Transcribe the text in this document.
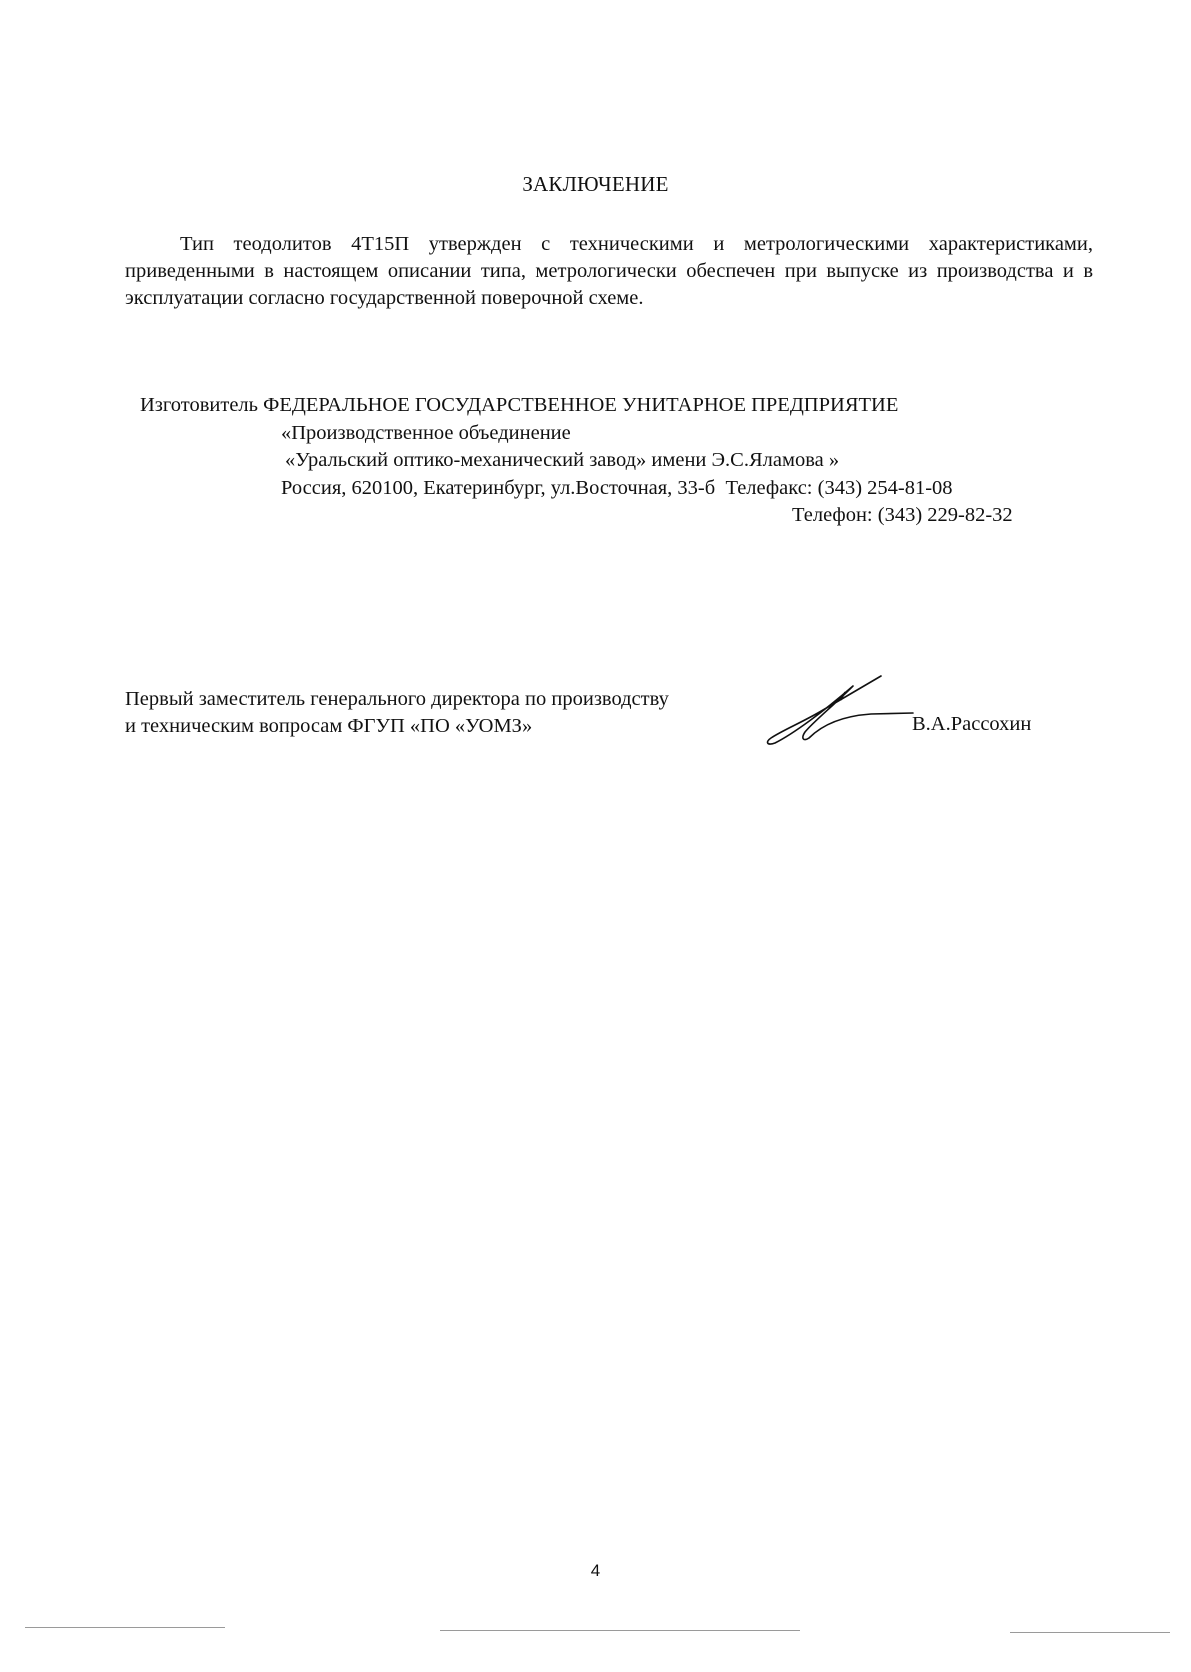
ЗАКЛЮЧЕНИЕ
Тип теодолитов 4Т15П утвержден с техническими и метрологическими характеристиками, приведенными в настоящем описании типа, метрологически обеспечен при выпуске из производства и в эксплуатации согласно государственной поверочной схеме.
Изготовитель ФЕДЕРАЛЬНОЕ ГОСУДАРСТВЕННОЕ УНИТАРНОЕ ПРЕДПРИЯТИЕ
«Производственное объединение
«Уральский оптико-механический завод» имени Э.С.Яламова »
Россия, 620100, Екатеринбург, ул.Восточная, 33-б Телефакс: (343) 254-81-08
Телефон: (343) 229-82-32
Первый заместитель генерального директора по производству
и техническим вопросам ФГУП «ПО «УОМЗ»	В.А.Рассохин
4
